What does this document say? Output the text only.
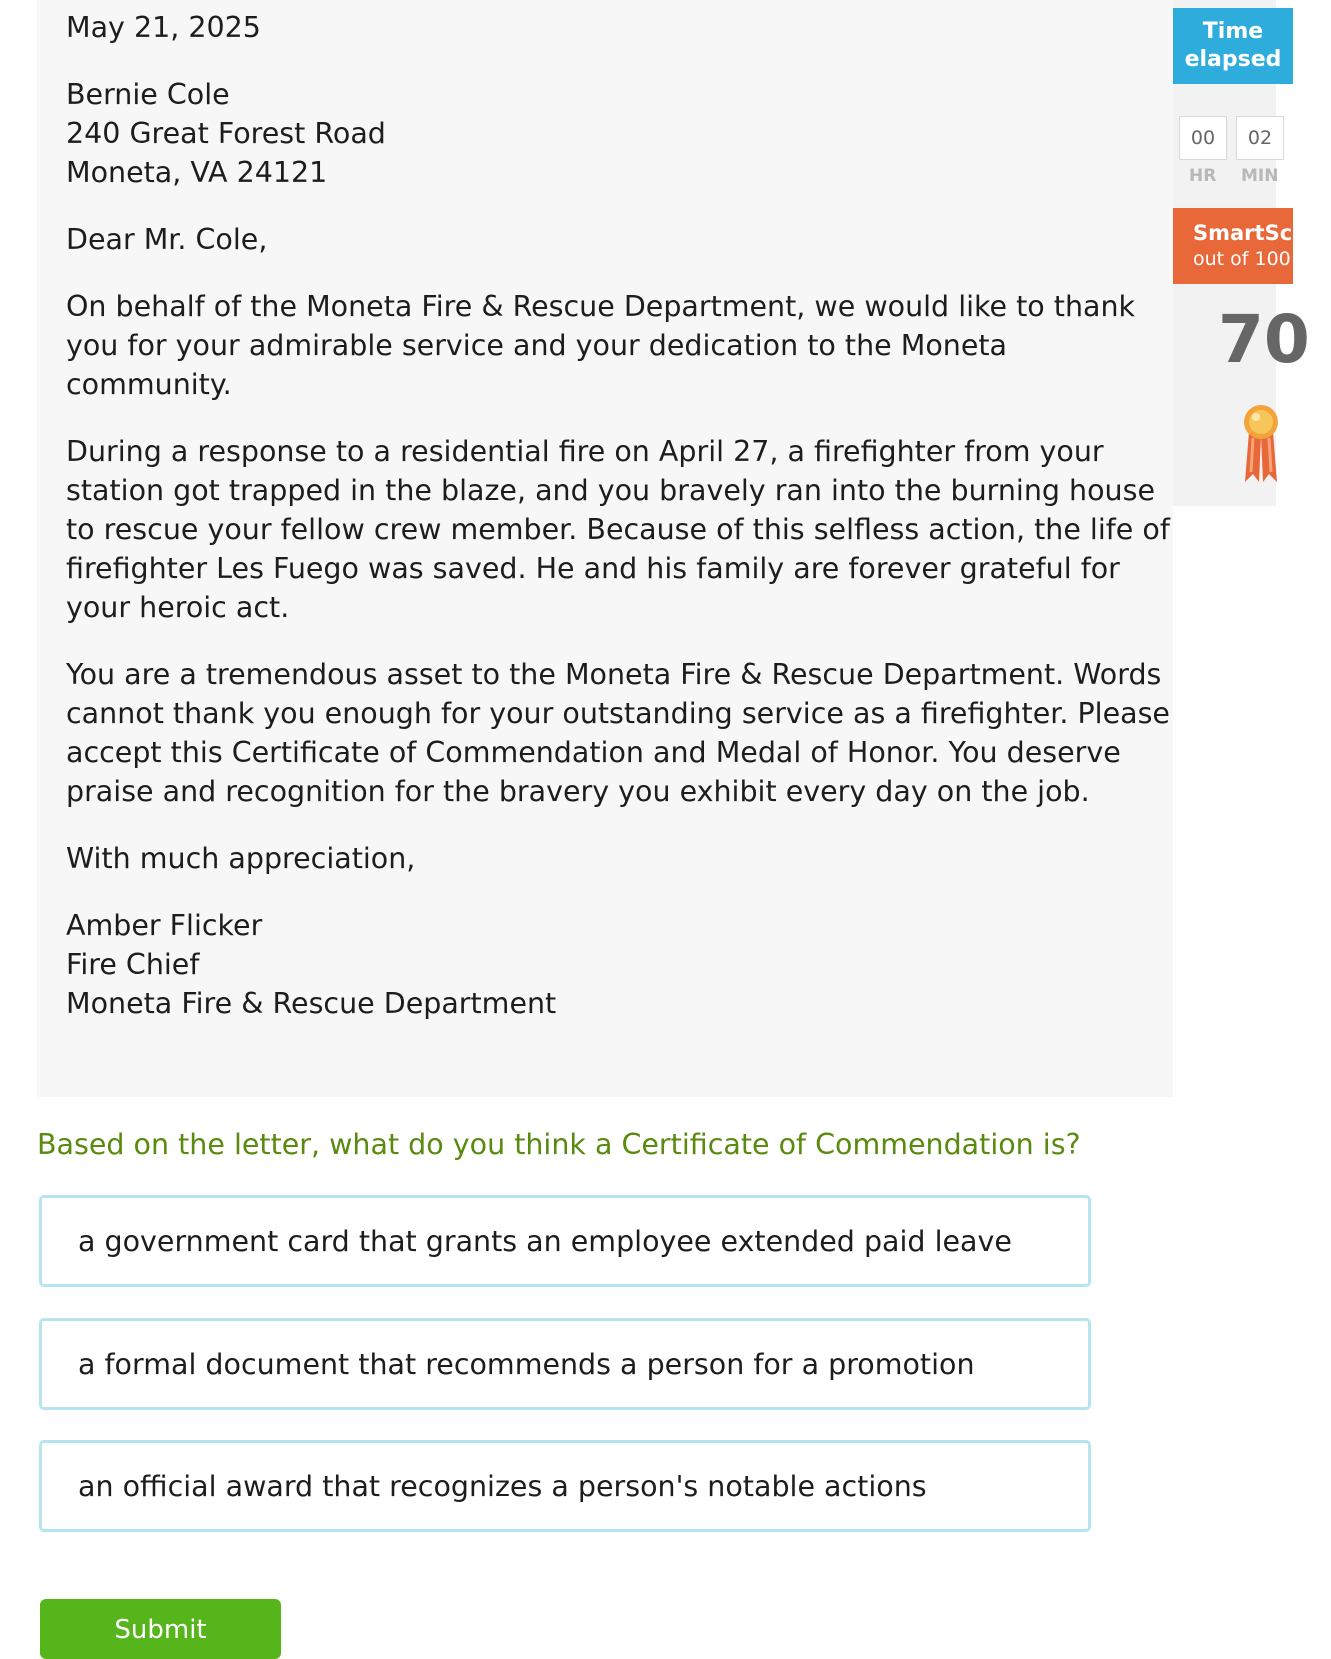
May 21, 2025

Bernie Cole
240 Great Forest Road
Moneta, VA 24121

Dear Mr. Cole,

On behalf of the Moneta Fire & Rescue Department, we would like to thank you for your admirable service and your dedication to the Moneta community.

During a response to a residential fire on April 27, a firefighter from your station got trapped in the blaze, and you bravely ran into the burning house to rescue your fellow crew member. Because of this selfless action, the life of firefighter Les Fuego was saved. He and his family are forever grateful for your heroic act.

You are a tremendous asset to the Moneta Fire & Rescue Department. Words cannot thank you enough for your outstanding service as a firefighter. Please accept this Certificate of Commendation and Medal of Honor. You deserve praise and recognition for the bravery you exhibit every day on the job.

With much appreciation,

Amber Flicker
Fire Chief
Moneta Fire & Rescue Department

Based on the letter, what do you think a Certificate of Commendation is?
a government card that grants an employee extended paid leave
a formal document that recommends a person for a promotion
an official award that recognizes a person's notable actions
Submit
Time
elapsed
00	02
HR MIN
SmartScore
out of 100
70
